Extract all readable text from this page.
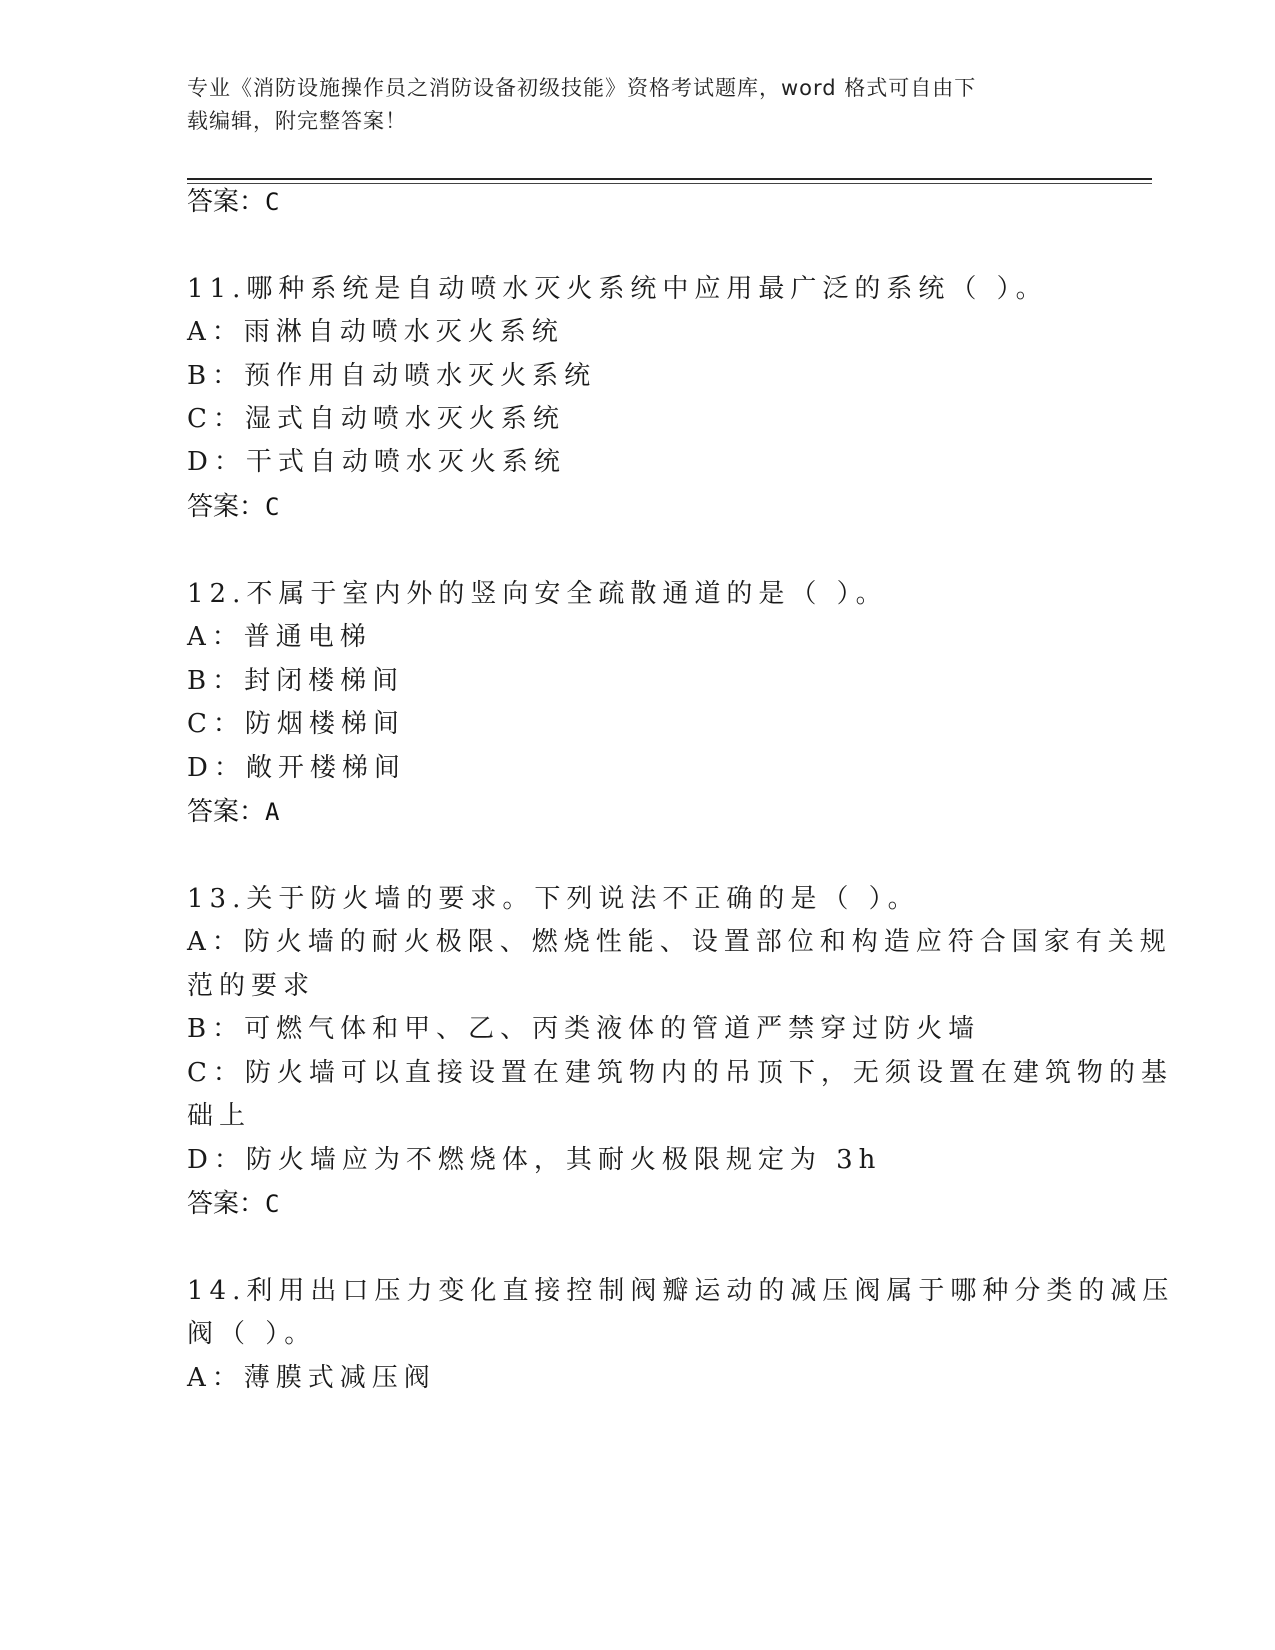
专业《消防设施操作员之消防设备初级技能》资格考试题库，word 格式可自由下
载编辑，附完整答案！
答案：C
11.哪种系统是自动喷水灭火系统中应用最广泛的系统（ ）。
A：雨淋自动喷水灭火系统
B：预作用自动喷水灭火系统
C：湿式自动喷水灭火系统
D：干式自动喷水灭火系统
答案：C
12.不属于室内外的竖向安全疏散通道的是（ ）。
A：普通电梯
B：封闭楼梯间
C：防烟楼梯间
D：敞开楼梯间
答案：A
13.关于防火墙的要求。下列说法不正确的是（ ）。
A：防火墙的耐火极限、燃烧性能、设置部位和构造应符合国家有关规
范的要求
B：可燃气体和甲、乙、丙类液体的管道严禁穿过防火墙
C：防火墙可以直接设置在建筑物内的吊顶下，无须设置在建筑物的基
础上
D：防火墙应为不燃烧体，其耐火极限规定为 3h
答案：C
14.利用出口压力变化直接控制阀瓣运动的减压阀属于哪种分类的减压
阀（ ）。
A：薄膜式减压阀
